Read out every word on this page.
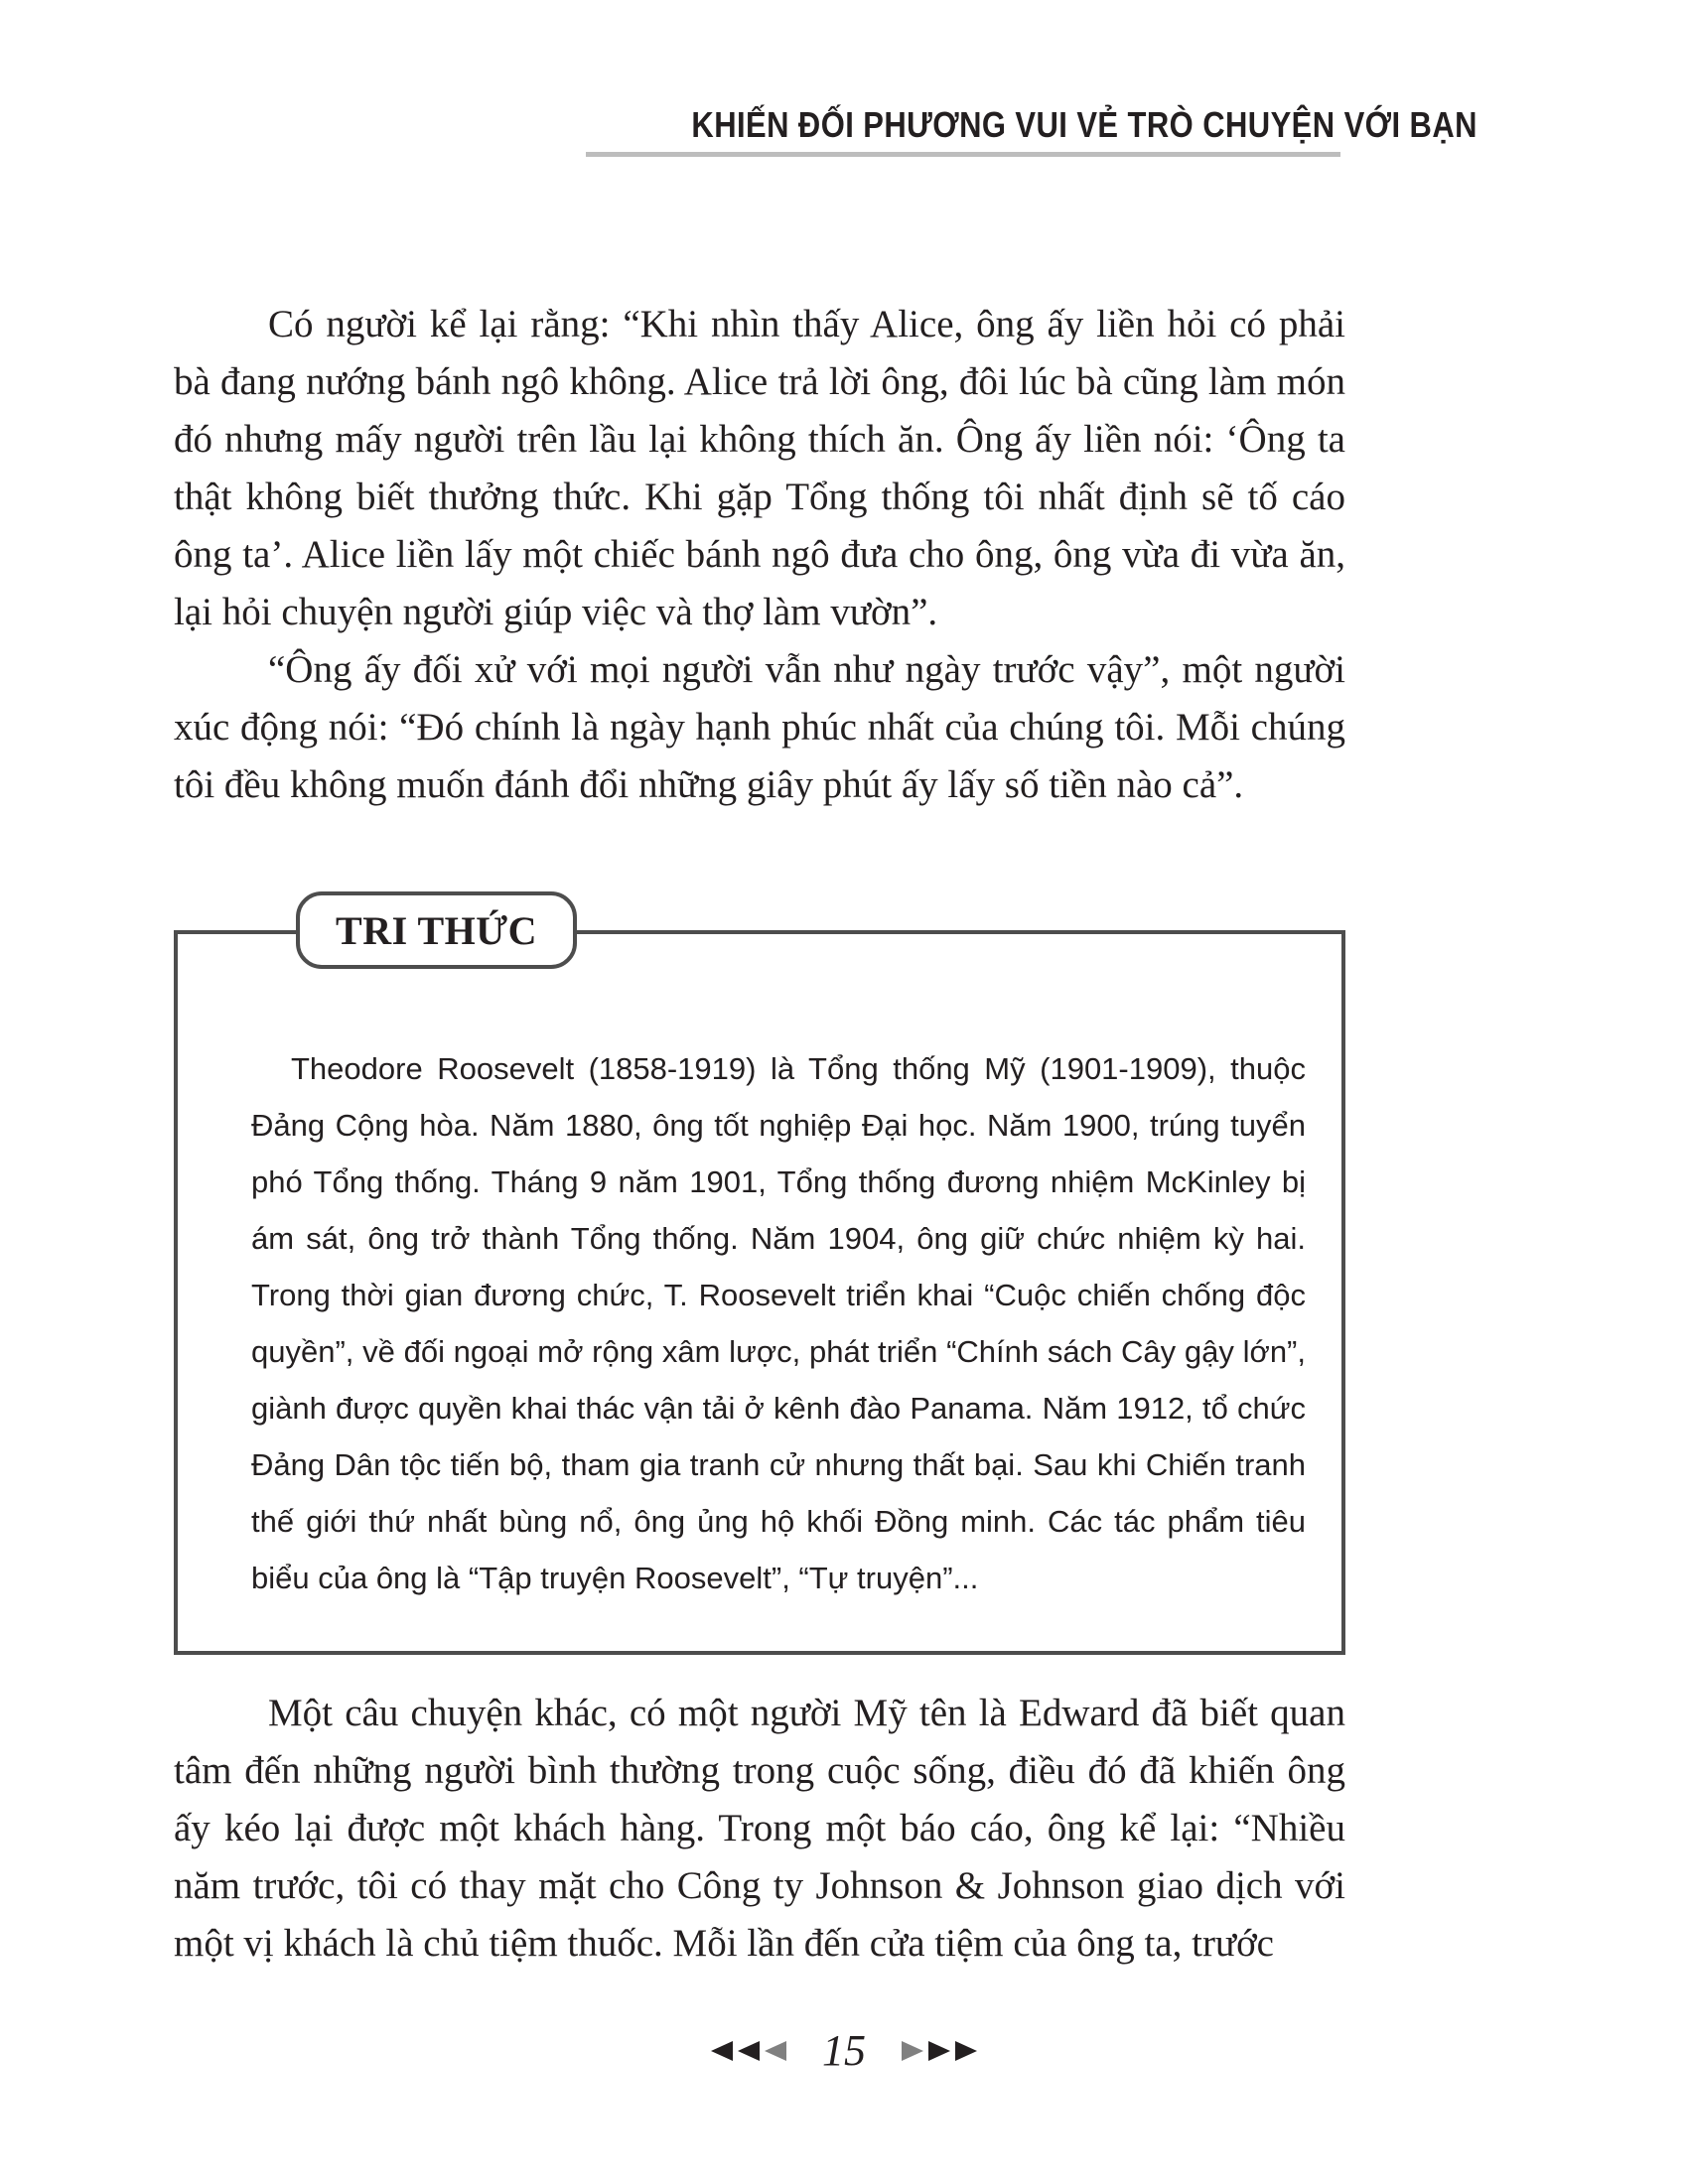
KHIẾN ĐỐI PHƯƠNG VUI VẺ TRÒ CHUYỆN VỚI BẠN

Có người kể lại rằng: “Khi nhìn thấy Alice, ông ấy liền hỏi có phải bà đang nướng bánh ngô không. Alice trả lời ông, đôi lúc bà cũng làm món đó nhưng mấy người trên lầu lại không thích ăn. Ông ấy liền nói: ‘Ông ta thật không biết thưởng thức. Khi gặp Tổng thống tôi nhất định sẽ tố cáo ông ta’. Alice liền lấy một chiếc bánh ngô đưa cho ông, ông vừa đi vừa ăn, lại hỏi chuyện người giúp việc và thợ làm vườn”.

“Ông ấy đối xử với mọi người vẫn như ngày trước vậy”, một người xúc động nói: “Đó chính là ngày hạnh phúc nhất của chúng tôi. Mỗi chúng tôi đều không muốn đánh đổi những giây phút ấy lấy số tiền nào cả”.

TRI THỨC

Theodore Roosevelt (1858-1919) là Tổng thống Mỹ (1901-1909), thuộc Đảng Cộng hòa. Năm 1880, ông tốt nghiệp Đại học. Năm 1900, trúng tuyển phó Tổng thống. Tháng 9 năm 1901, Tổng thống đương nhiệm McKinley bị ám sát, ông trở thành Tổng thống. Năm 1904, ông giữ chức nhiệm kỳ hai. Trong thời gian đương chức, T. Roosevelt triển khai “Cuộc chiến chống độc quyền”, về đối ngoại mở rộng xâm lược, phát triển “Chính sách Cây gậy lớn”, giành được quyền khai thác vận tải ở kênh đào Panama. Năm 1912, tổ chức Đảng Dân tộc tiến bộ, tham gia tranh cử nhưng thất bại. Sau khi Chiến tranh thế giới thứ nhất bùng nổ, ông ủng hộ khối Đồng minh. Các tác phẩm tiêu biểu của ông là “Tập truyện Roosevelt”, “Tự truyện”...

Một câu chuyện khác, có một người Mỹ tên là Edward đã biết quan tâm đến những người bình thường trong cuộc sống, điều đó đã khiến ông ấy kéo lại được một khách hàng. Trong một báo cáo, ông kể lại: “Nhiều năm trước, tôi có thay mặt cho Công ty Johnson & Johnson giao dịch với một vị khách là chủ tiệm thuốc. Mỗi lần đến cửa tiệm của ông ta, trước

15
